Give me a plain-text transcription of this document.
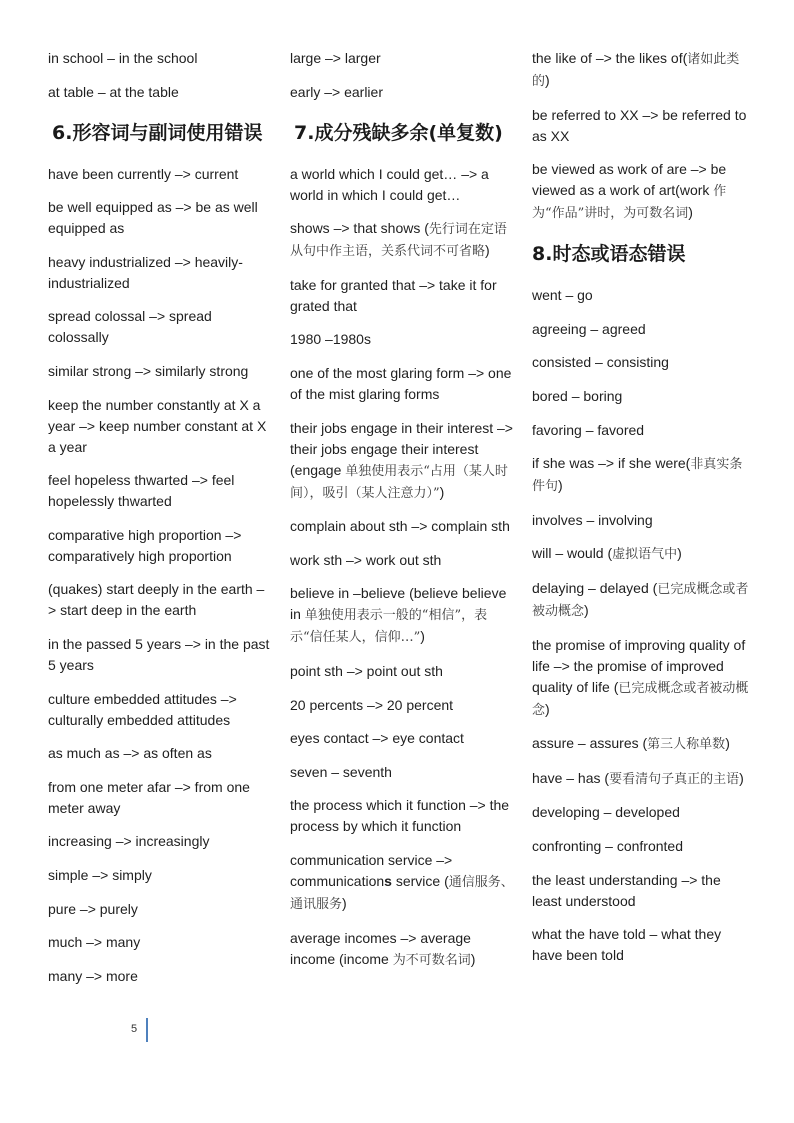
in school – in the school
at table – at the table
6.形容词与副词使用错误
have been currently –> current
be well equipped as –> be as well equipped as
heavy industrialized –> heavily-industrialized
spread colossal –> spread colossally
similar strong –> similarly strong
keep the number constantly at X a year –> keep number constant at X a year
feel hopeless thwarted –> feel hopelessly thwarted
comparative high proportion –> comparatively high proportion
(quakes) start deeply in the earth –> start deep in the earth
in the passed 5 years –> in the past 5 years
culture embedded attitudes –> culturally embedded attitudes
as much as –> as often as
from one meter afar –> from one meter away
increasing –> increasingly
simple –> simply
pure –> purely
much –> many
many –> more
large –> larger
early –> earlier
7.成分残缺多余(单复数)
a world which I could get… –> a world in which I could get…
shows –> that shows (先行词在定语从句中作主语，关系代词不可省略)
take for granted that –> take it for grated that
1980 –1980s
one of the most glaring form –> one of the mist glaring forms
their jobs engage in their interest –> their jobs engage their interest (engage 单独使用表示“占用（某人时间），吸引（某人注意力）”)
complain about sth –> complain sth
work sth –> work out sth
believe in –believe (believe believe in 单独使用表示一般的“相信”，表示“信任某人，信仰…”)
point sth –> point out sth
20 percents –> 20 percent
eyes contact –> eye contact
seven – seventh
the process which it function –> the process by which it function
communication service –> communications service (通信服务、通讯服务)
average incomes –> average income (income 为不可数名词)
the like of –> the likes of(诸如此类的)
be referred to XX –> be referred to as XX
be viewed as work of are –> be viewed as a work of art(work 作为“作品”讲时，为可数名词)
8.时态或语态错误
went – go
agreeing – agreed
consisted – consisting
bored – boring
favoring – favored
if she was –> if she were(非真实条件句)
involves – involving
will – would (虚拟语气中)
delaying – delayed (已完成概念或者被动概念)
the promise of improving quality of life –> the promise of improved quality of life (已完成概念或者被动概念)
assure – assures (第三人称单数)
have – has (要看清句子真正的主语)
developing – developed
confronting – confronted
the least understanding –> the least understood
what the have told – what they have been told
5
